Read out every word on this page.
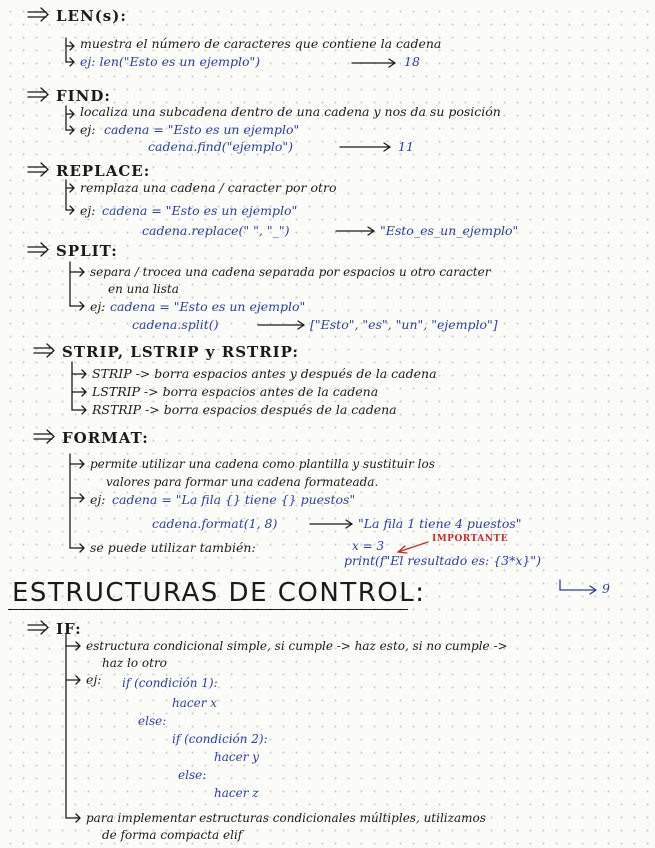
LEN(s):
muestra el número de caracteres que contiene la cadena
ej: len("Esto es un ejemplo")	18
FIND:
localiza una subcadena dentro de una cadena y nos da su posición
ej: cadena = "Esto es un ejemplo"
cadena.find("ejemplo")	11
REPLACE:
remplaza una cadena / caracter por otro
ej: cadena = "Esto es un ejemplo"
cadena.replace(" ", "_")	"Esto_es_un_ejemplo"
SPLIT:
separa / trocea una cadena separada por espacios u otro caracter
en una lista
ej: cadena = "Esto es un ejemplo"
cadena.split()	["Esto", "es", "un", "ejemplo"]
STRIP, LSTRIP y RSTRIP:
STRIP -> borra espacios antes y después de la cadena
LSTRIP -> borra espacios antes de la cadena
RSTRIP -> borra espacios después de la cadena
FORMAT:
permite utilizar una cadena como plantilla y sustituir los
valores para formar una cadena formateada.
ej: cadena = "La fila {} tiene {} puestos"
cadena.format(1, 8)	"La fila 1 tiene 4 puestos"
se puede utilizar también:
IMPORTANTE
x = 3
print(f"El resultado es: {3*x}")
9
ESTRUCTURAS DE CONTROL:
IF:
estructura condicional simple, si cumple -> haz esto, si no cumple ->
haz lo otro
ej: if (condición 1):
hacer x
else:
if (condición 2):
hacer y
else:
hacer z
para implementar estructuras condicionales múltiples, utilizamos
de forma compacta elif
